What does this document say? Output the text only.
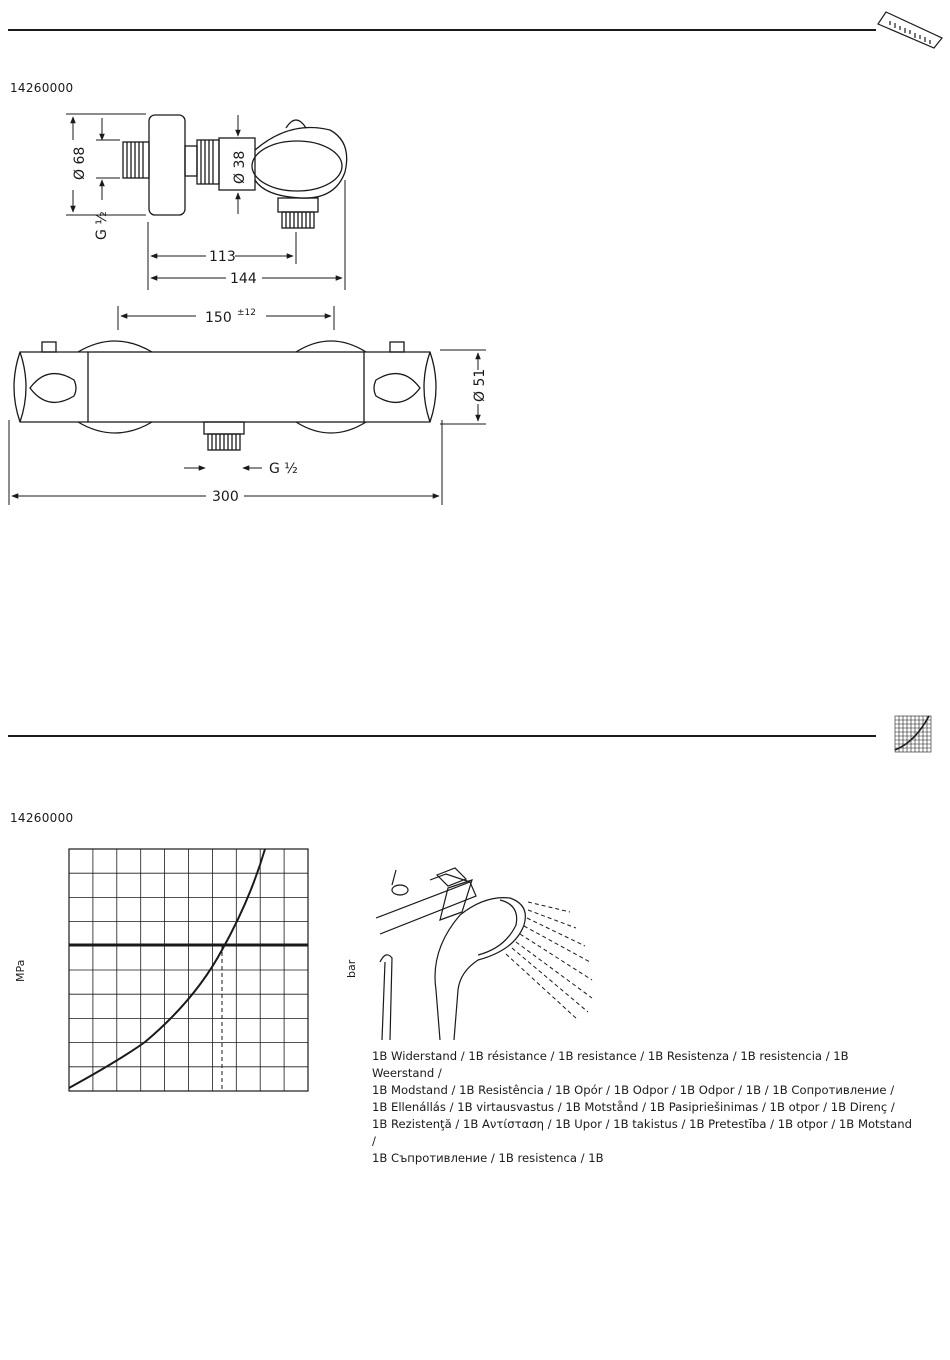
14260000
14260000
MPa	bar
1B Widerstand / 1B résistance / 1B resistance / 1B Resistenza / 1B resistencia / 1B Weerstand /
1B Modstand / 1B Resistência / 1B Opór / 1B Odpor / 1B Odpor / 1B / 1B Сопротивление /
1B Ellenállás / 1B virtausvastus / 1B Motstånd / 1B Pasipriešinimas / 1B otpor / 1B Direnç /
1B Rezistenţă / 1B Αντίσταση / 1B Upor / 1B takistus / 1B Pretestība / 1B otpor / 1B Motstand /
1B Съпротивление / 1B resistenca / 1B
Ø 68
G ½
Ø 38
113
144
150 ±12
Ø 51
G ½
300
